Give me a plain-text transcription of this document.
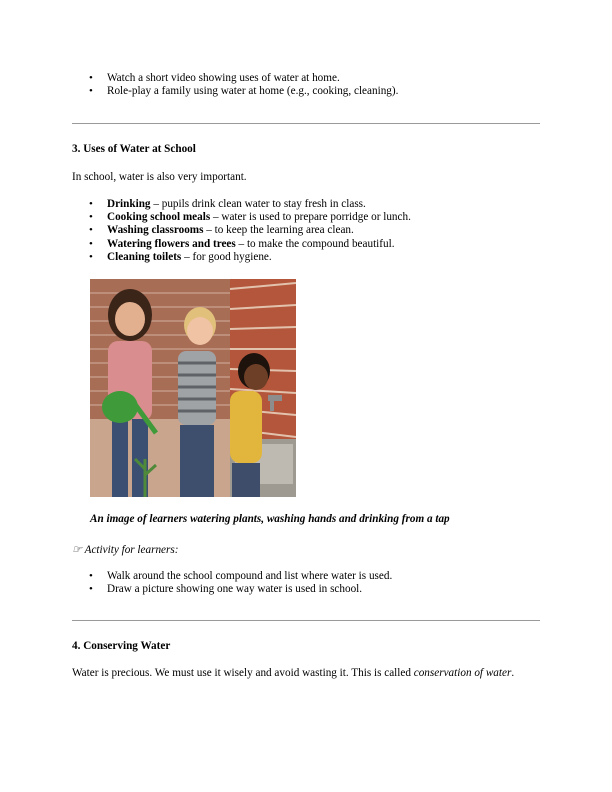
• Watch a short video showing uses of water at home.
• Role-play a family using water at home (e.g., cooking, cleaning).
3. Uses of Water at School
In school, water is also very important.
• Drinking – pupils drink clean water to stay fresh in class.
• Cooking school meals – water is used to prepare porridge or lunch.
• Washing classrooms – to keep the learning area clean.
• Watering flowers and trees – to make the compound beautiful.
• Cleaning toilets – for good hygiene.
An image of learners watering plants, washing hands and drinking from a tap
☞ Activity for learners:
• Walk around the school compound and list where water is used.
• Draw a picture showing one way water is used in school.
4. Conserving Water
Water is precious. We must use it wisely and avoid wasting it. This is called conservation of water.
